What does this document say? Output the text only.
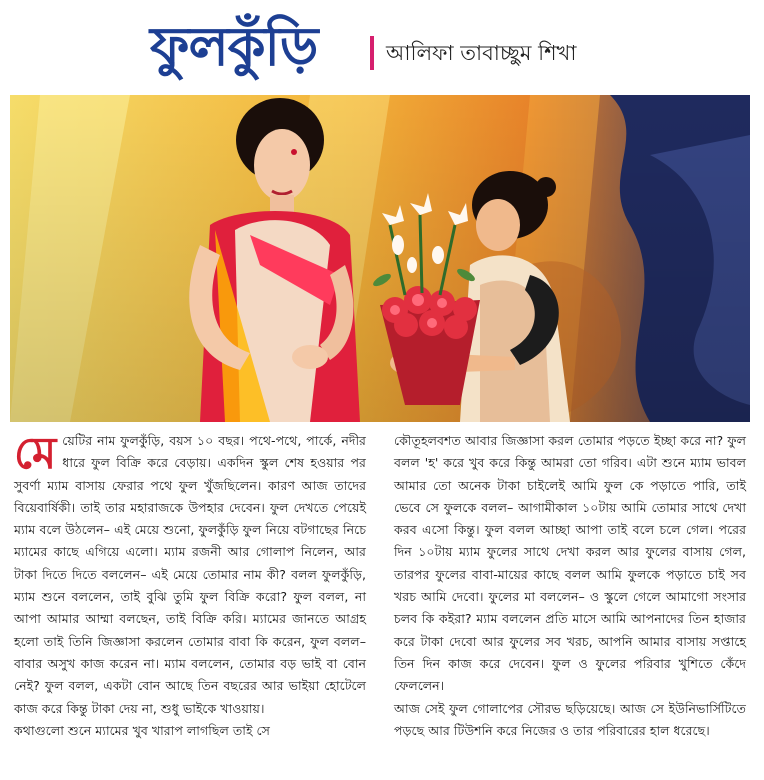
ফুলকুঁড়ি	আলিফা তাবাচ্ছুম শিখা

মেয়েটির নাম ফুলকুঁড়ি, বয়স ১০ বছর। পথে-পথে, পার্কে, নদীর ধারে ফুল বিক্রি করে বেড়ায়। একদিন স্কুল শেষ হওয়ার পর সুবর্ণা ম্যাম বাসায় ফেরার পথে ফুল খুঁজছিলেন। কারণ আজ তাদের বিয়েবার্ষিকী। তাই তার মহারাজকে উপহার দেবেন। ফুল দেখতে পেয়েই ম্যাম বলে উঠলেন– এই মেয়ে শুনো, ফুলকুঁড়ি ফুল নিয়ে বটগাছের নিচে ম্যামের কাছে এগিয়ে এলো। ম্যাম রজনী আর গোলাপ নিলেন, আর টাকা দিতে দিতে বললেন– এই মেয়ে তোমার নাম কী? বলল ফুলকুঁড়ি, ম্যাম শুনে বললেন, তাই বুঝি তুমি ফুল বিক্রি করো? ফুল বলল, না আপা আমার আম্মা বলছেন, তাই বিক্রি করি। ম্যামের জানতে আগ্রহ হলো তাই তিনি জিজ্ঞাসা করলেন তোমার বাবা কি করেন, ফুল বলল– বাবার অসুখ কাজ করেন না। ম্যাম বললেন, তোমার বড় ভাই বা বোন নেই? ফুল বলল, একটা বোন আছে তিন বছরের আর ভাইয়া হোটেলে কাজ করে কিন্তু টাকা দেয় না, শুধু ভাইকে খাওয়ায়।

কথাগুলো শুনে ম্যামের খুব খারাপ লাগছিল তাই সে

কৌতূহলবশত আবার জিজ্ঞাসা করল তোমার পড়তে ইচ্ছা করে না? ফুল বলল 'হ' করে খুব করে কিন্তু আমরা তো গরিব। এটা শুনে ম্যাম ভাবল আমার তো অনেক টাকা চাইলেই আমি ফুল কে পড়াতে পারি, তাই ভেবে সে ফুলকে বলল– আগামীকাল ১০টায় আমি তোমার সাথে দেখা করব এসো কিন্তু। ফুল বলল আচ্ছা আপা তাই বলে চলে গেল। পরের দিন ১০টায় ম্যাম ফুলের সাথে দেখা করল আর ফুলের বাসায় গেল, তারপর ফুলের বাবা-মায়ের কাছে বলল আমি ফুলকে পড়াতে চাই সব খরচ আমি দেবো। ফুলের মা বললেন– ও স্কুলে গেলে আমাগো সংসার চলব কি কইরা? ম্যাম বললেন প্রতি মাসে আমি আপনাদের তিন হাজার করে টাকা দেবো আর ফুলের সব খরচ, আপনি আমার বাসায় সপ্তাহে তিন দিন কাজ করে দেবেন। ফুল ও ফুলের পরিবার খুশিতে কেঁদে ফেললেন।

আজ সেই ফুল গোলাপের সৌরভ ছড়িয়েছে। আজ সে ইউনিভার্সিটিতে পড়ছে আর টিউশনি করে নিজের ও তার পরিবারের হাল ধরেছে।
